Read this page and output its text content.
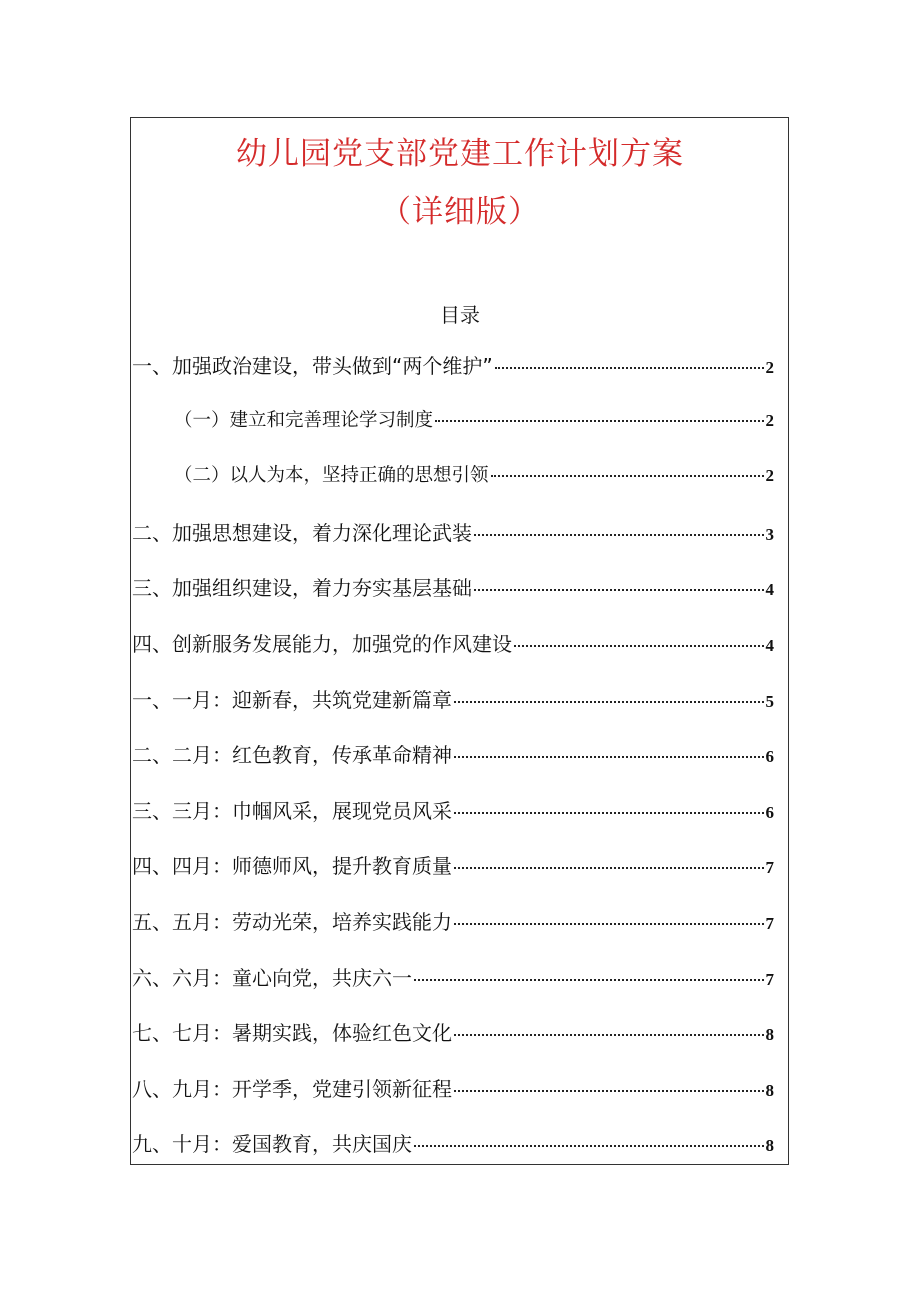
幼儿园党支部党建工作计划方案
（详细版）
目录
一、加强政治建设，带头做到“两个维护”	2
（一）建立和完善理论学习制度	2
（二）以人为本，坚持正确的思想引领	2
二、加强思想建设，着力深化理论武装	3
三、加强组织建设，着力夯实基层基础	4
四、创新服务发展能力，加强党的作风建设	4
一、一月：迎新春，共筑党建新篇章	5
二、二月：红色教育，传承革命精神	6
三、三月：巾帼风采，展现党员风采	6
四、四月：师德师风，提升教育质量	7
五、五月：劳动光荣，培养实践能力	7
六、六月：童心向党，共庆六一	7
七、七月：暑期实践，体验红色文化	8
八、九月：开学季，党建引领新征程	8
九、十月：爱国教育，共庆国庆	8
